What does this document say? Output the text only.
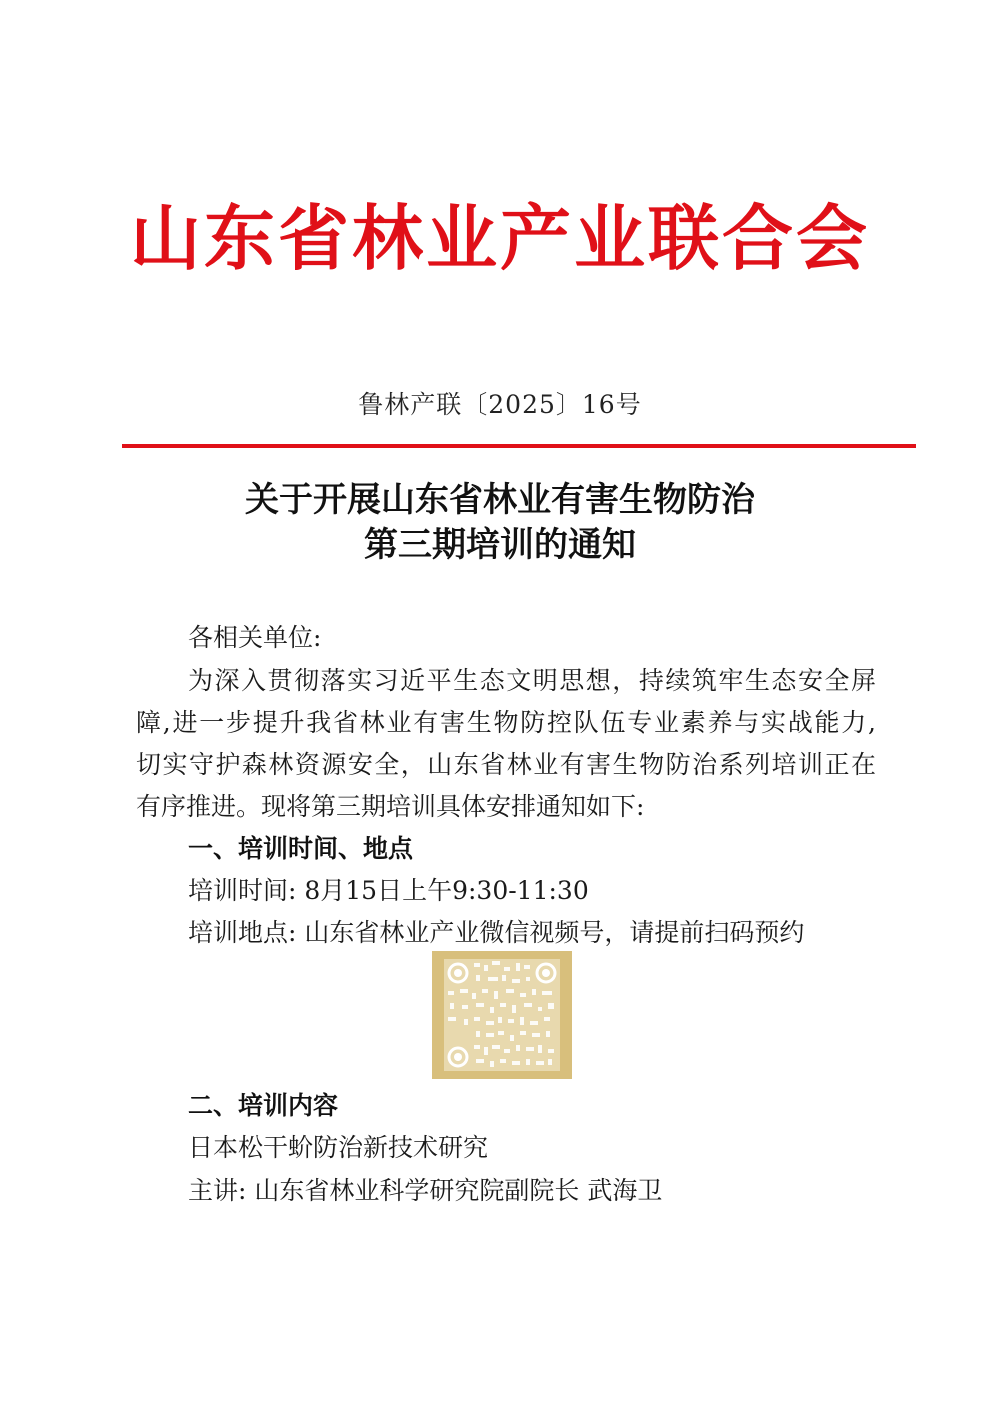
山东省林业产业联合会
鲁林产联〔2025〕16号
关于开展山东省林业有害生物防治
第三期培训的通知
各相关单位:
为深入贯彻落实习近平生态文明思想，持续筑牢生态安全屏
障,进一步提升我省林业有害生物防控队伍专业素养与实战能力,
切实守护森林资源安全，山东省林业有害生物防治系列培训正在
有序推进。现将第三期培训具体安排通知如下:
一、培训时间、地点
培训时间: 8月15日上午9:30-11:30
培训地点: 山东省林业产业微信视频号，请提前扫码预约
二、培训内容
日本松干蚧防治新技术研究
主讲: 山东省林业科学研究院副院长 武海卫
